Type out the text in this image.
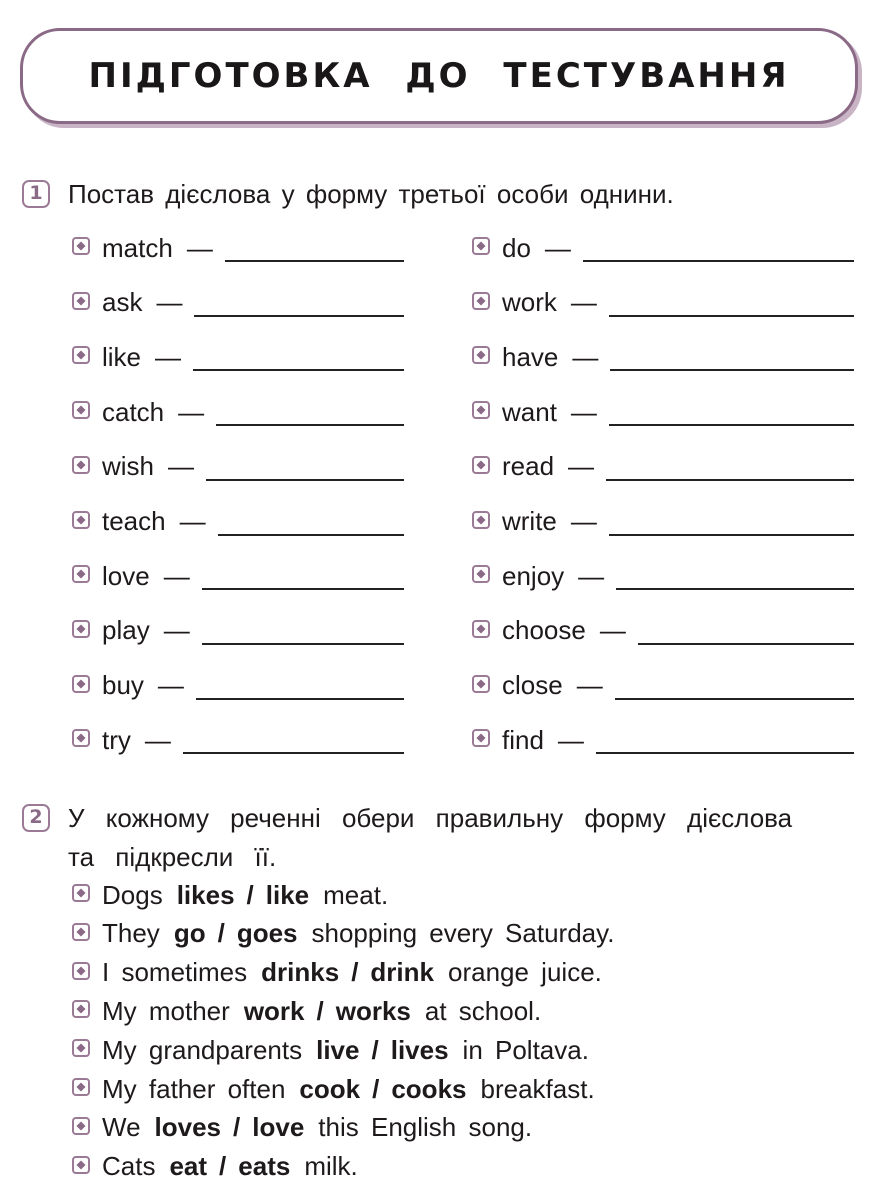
ПІДГОТОВКА ДО ТЕСТУВАННЯ
1 Постав дієслова у форму третьої особи однини.
match —
ask —
like —
catch —
wish —
teach —
love —
play —
buy —
try —
do —
work —
have —
want —
read —
write —
enjoy —
choose —
close —
find —
2 У кожному реченні обери правильну форму дієслова
та підкресли її.
Dogs likes / like meat.
They go / goes shopping every Saturday.
I sometimes drinks / drink orange juice.
My mother work / works at school.
My grandparents live / lives in Poltava.
My father often cook / cooks breakfast.
We loves / love this English song.
Cats eat / eats milk.
